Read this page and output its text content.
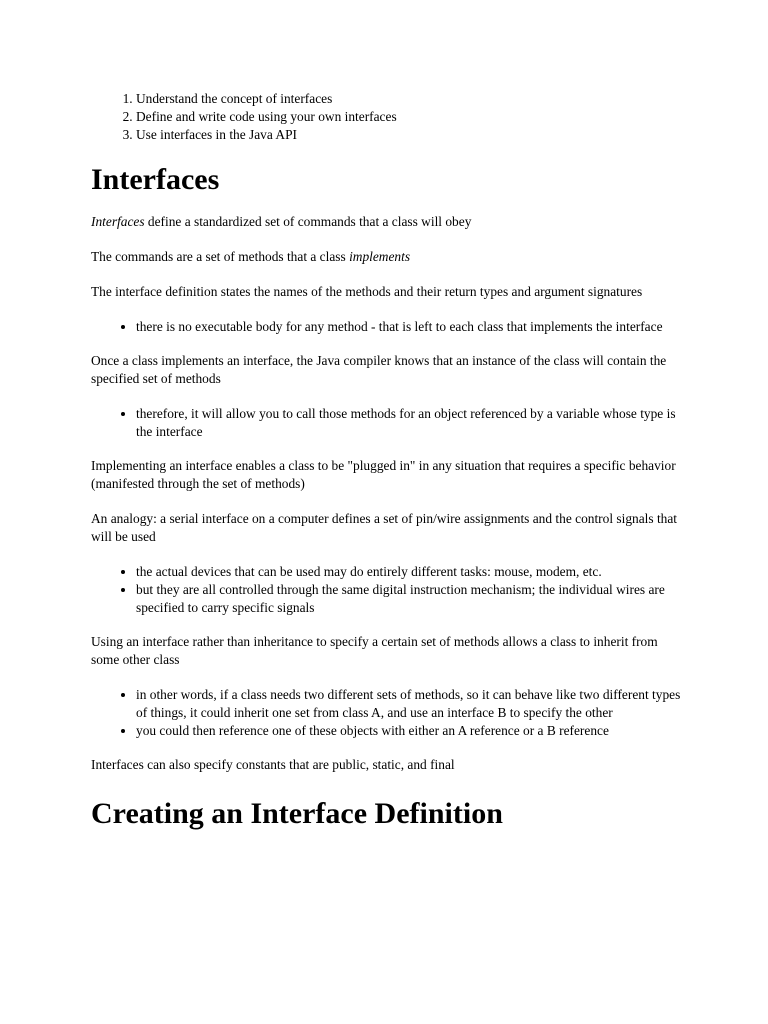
1. Understand the concept of interfaces
2. Define and write code using your own interfaces
3. Use interfaces in the Java API
Interfaces

Interfaces define a standardized set of commands that a class will obey

The commands are a set of methods that a class implements

The interface definition states the names of the methods and their return types and argument signatures

• there is no executable body for any method - that is left to each class that implements the interface

Once a class implements an interface, the Java compiler knows that an instance of the class will contain the specified set of methods

• therefore, it will allow you to call those methods for an object referenced by a variable whose type is the interface

Implementing an interface enables a class to be "plugged in" in any situation that requires a specific behavior (manifested through the set of methods)

An analogy: a serial interface on a computer defines a set of pin/wire assignments and the control signals that will be used

• the actual devices that can be used may do entirely different tasks: mouse, modem, etc.
• but they are all controlled through the same digital instruction mechanism; the individual wires are specified to carry specific signals

Using an interface rather than inheritance to specify a certain set of methods allows a class to inherit from some other class

• in other words, if a class needs two different sets of methods, so it can behave like two different types of things, it could inherit one set from class A, and use an interface B to specify the other
• you could then reference one of these objects with either an A reference or a B reference

Interfaces can also specify constants that are public, static, and final

Creating an Interface Definition
